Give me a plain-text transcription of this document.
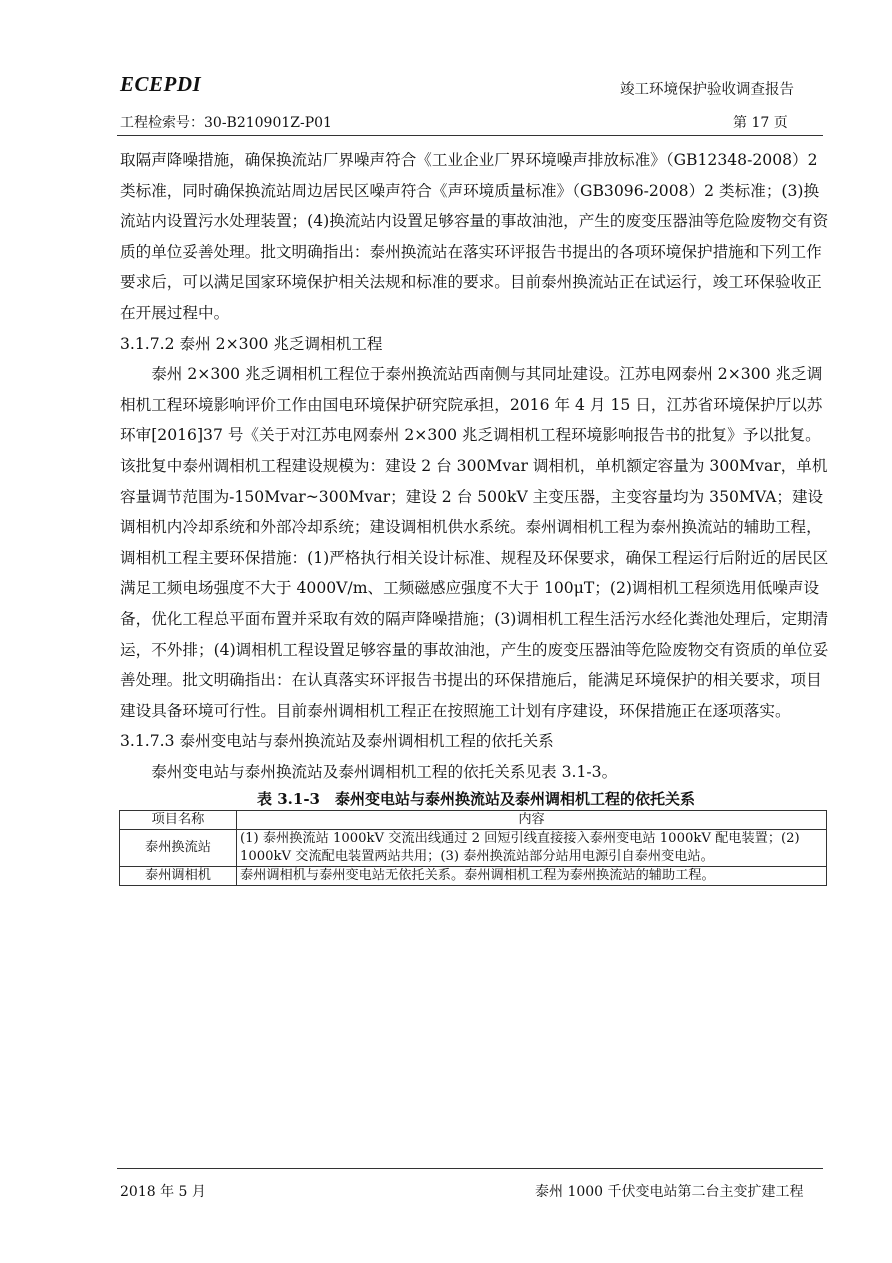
ECEPDI	竣工环境保护验收调查报告
工程检索号：30-B210901Z-P01	第 17 页

取隔声降噪措施，确保换流站厂界噪声符合《工业企业厂界环境噪声排放标准》（GB12348-2008）2 类标准，同时确保换流站周边居民区噪声符合《声环境质量标准》（GB3096-2008）2 类标准；(3)换流站内设置污水处理装置；(4)换流站内设置足够容量的事故油池，产生的废变压器油等危险废物交有资质的单位妥善处理。批文明确指出：泰州换流站在落实环评报告书提出的各项环境保护措施和下列工作要求后，可以满足国家环境保护相关法规和标准的要求。目前泰州换流站正在试运行，竣工环保验收正在开展过程中。

3.1.7.2 泰州 2×300 兆乏调相机工程

泰州 2×300 兆乏调相机工程位于泰州换流站西南侧与其同址建设。江苏电网泰州 2×300 兆乏调相机工程环境影响评价工作由国电环境保护研究院承担，2016 年 4 月 15 日，江苏省环境保护厅以苏环审[2016]37 号《关于对江苏电网泰州 2×300 兆乏调相机工程环境影响报告书的批复》予以批复。该批复中泰州调相机工程建设规模为：建设 2 台 300Mvar 调相机，单机额定容量为 300Mvar，单机容量调节范围为-150Mvar~300Mvar；建设 2 台 500kV 主变压器，主变容量均为 350MVA；建设调相机内冷却系统和外部冷却系统；建设调相机供水系统。泰州调相机工程为泰州换流站的辅助工程，调相机工程主要环保措施：(1)严格执行相关设计标准、规程及环保要求，确保工程运行后附近的居民区满足工频电场强度不大于 4000V/m、工频磁感应强度不大于 100μT；(2)调相机工程须选用低噪声设备，优化工程总平面布置并采取有效的隔声降噪措施；(3)调相机工程生活污水经化粪池处理后，定期清运，不外排；(4)调相机工程设置足够容量的事故油池，产生的废变压器油等危险废物交有资质的单位妥善处理。批文明确指出：在认真落实环评报告书提出的环保措施后，能满足环境保护的相关要求，项目建设具备环境可行性。目前泰州调相机工程正在按照施工计划有序建设，环保措施正在逐项落实。

3.1.7.3 泰州变电站与泰州换流站及泰州调相机工程的依托关系

泰州变电站与泰州换流站及泰州调相机工程的依托关系见表 3.1-3。

表 3.1-3　泰州变电站与泰州换流站及泰州调相机工程的依托关系

项目名称	内容
泰州换流站	(1) 泰州换流站 1000kV 交流出线通过 2 回短引线直接接入泰州变电站 1000kV 配电装置；(2) 1000kV 交流配电装置两站共用；(3) 泰州换流站部分站用电源引自泰州变电站。
泰州调相机	泰州调相机与泰州变电站无依托关系。泰州调相机工程为泰州换流站的辅助工程。
2018 年 5 月	泰州 1000 千伏变电站第二台主变扩建工程
